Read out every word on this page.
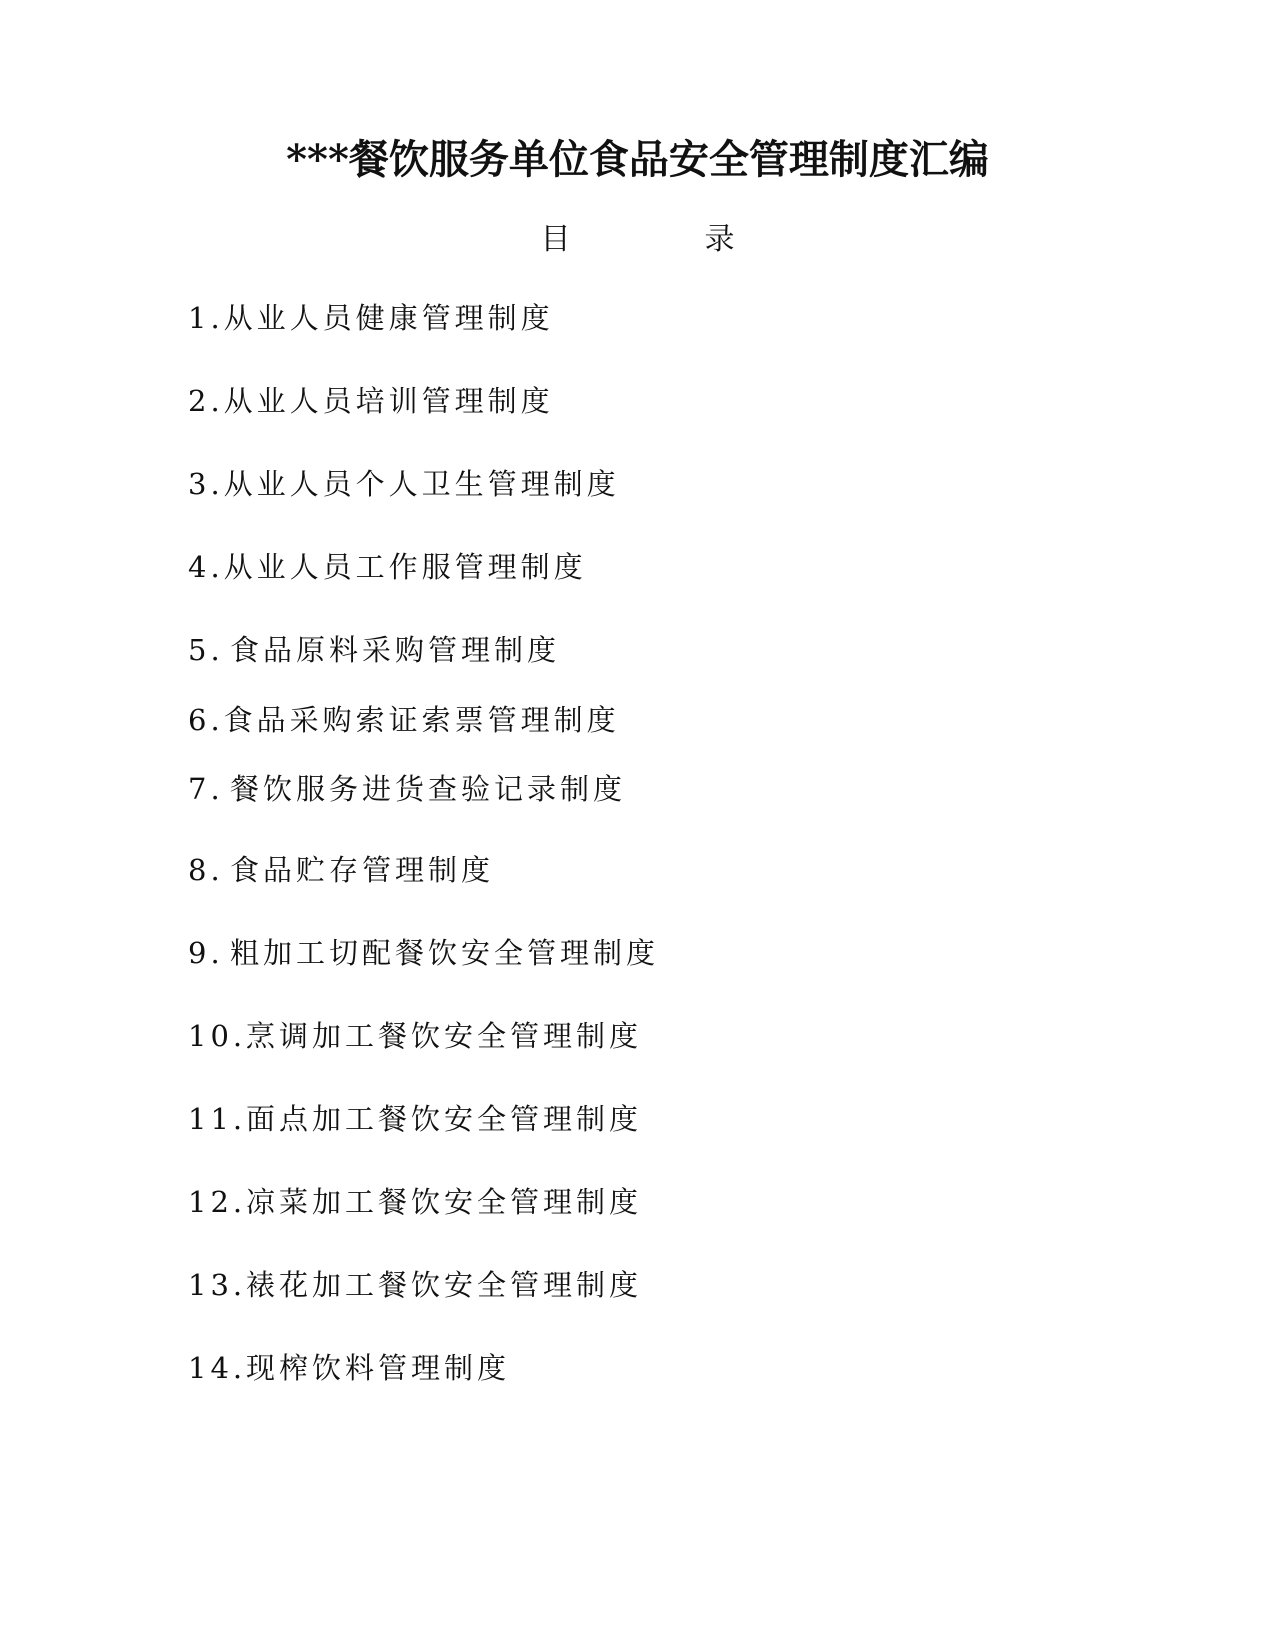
***餐饮服务单位食品安全管理制度汇编
目	录
1.从业人员健康管理制度
2.从业人员培训管理制度
3.从业人员个人卫生管理制度
4.从业人员工作服管理制度
5. 食品原料采购管理制度
6.食品采购索证索票管理制度
7. 餐饮服务进货查验记录制度
8. 食品贮存管理制度
9. 粗加工切配餐饮安全管理制度
10.烹调加工餐饮安全管理制度
11.面点加工餐饮安全管理制度
12.凉菜加工餐饮安全管理制度
13.裱花加工餐饮安全管理制度
14.现榨饮料管理制度
